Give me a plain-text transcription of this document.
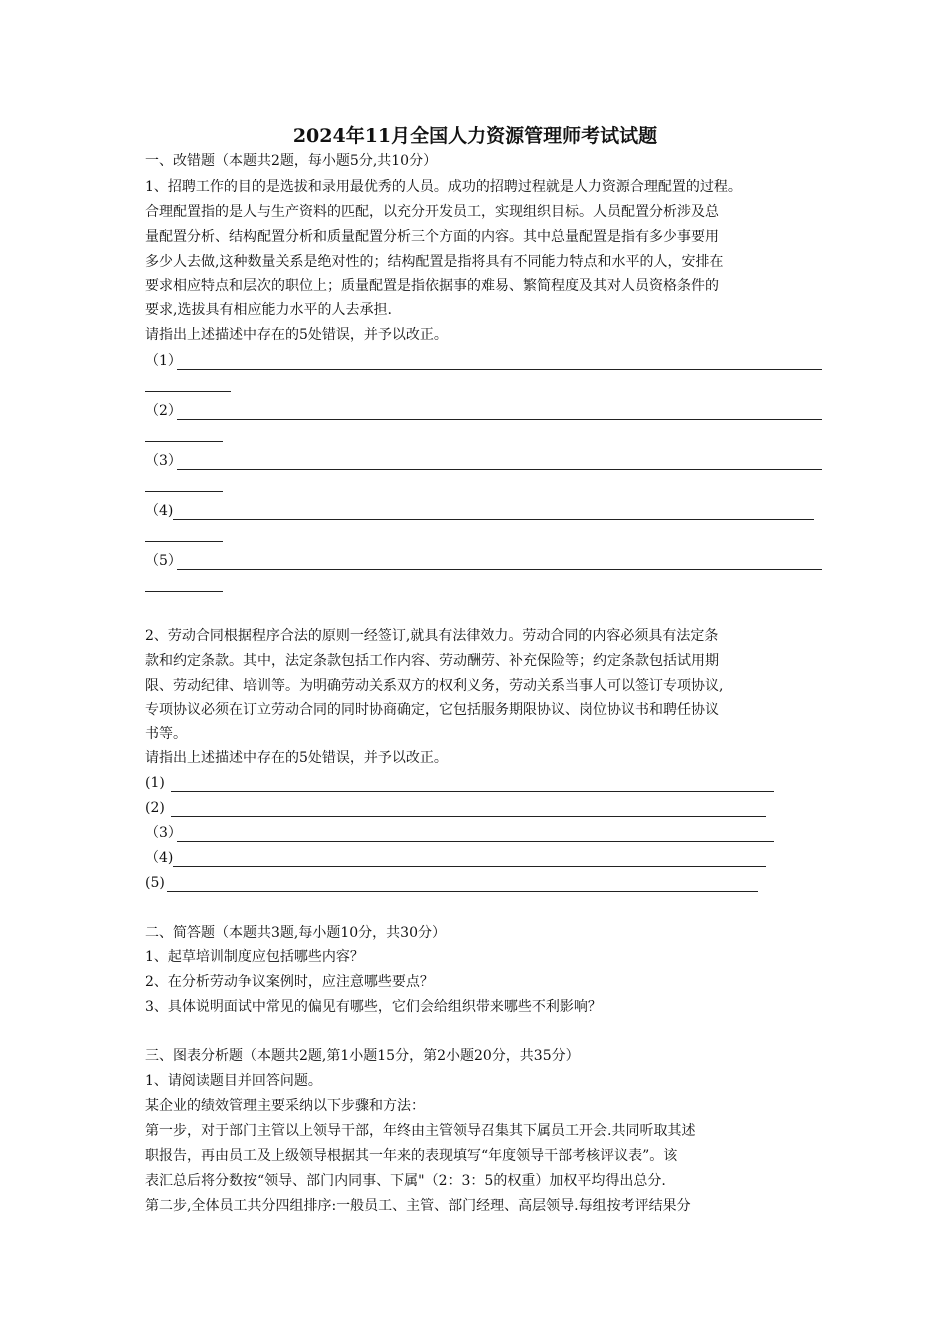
2024年11月全国人力资源管理师考试试题
一、改错题（本题共2题，每小题5分,共10分）
1、招聘工作的目的是选拔和录用最优秀的人员。成功的招聘过程就是人力资源合理配置的过程。
合理配置指的是人与生产资料的匹配，以充分开发员工，实现组织目标。人员配置分析涉及总
量配置分析、结构配置分析和质量配置分析三个方面的内容。其中总量配置是指有多少事要用
多少人去做,这种数量关系是绝对性的；结构配置是指将具有不同能力特点和水平的人，安排在
要求相应特点和层次的职位上；质量配置是指依据事的难易、繁简程度及其对人员资格条件的
要求,选拔具有相应能力水平的人去承担.
请指出上述描述中存在的5处错误，并予以改正。
（1）
（2）
（3）
（4)
（5）
2、劳动合同根据程序合法的原则一经签订,就具有法律效力。劳动合同的内容必须具有法定条
款和约定条款。其中，法定条款包括工作内容、劳动酬劳、补充保险等；约定条款包括试用期
限、劳动纪律、培训等。为明确劳动关系双方的权利义务，劳动关系当事人可以签订专项协议,
专项协议必须在订立劳动合同的同时协商确定，它包括服务期限协议、岗位协议书和聘任协议
书等。
请指出上述描述中存在的5处错误，并予以改正。
(1)
(2)
（3）
（4)
(5)
二、简答题（本题共3题,每小题10分，共30分）
1、起草培训制度应包括哪些内容？
2、在分析劳动争议案例时，应注意哪些要点？
3、具体说明面试中常见的偏见有哪些，它们会给组织带来哪些不利影响？
三、图表分析题（本题共2题,第1小题15分，第2小题20分，共35分）
1、请阅读题目并回答问题。
某企业的绩效管理主要采纳以下步骤和方法：
第一步，对于部门主管以上领导干部，年终由主管领导召集其下属员工开会.共同听取其述
职报告，再由员工及上级领导根据其一年来的表现填写“年度领导干部考核评议表”。该
表汇总后将分数按“领导、部门内同事、下属"（2：3：5的权重）加权平均得出总分.
第二步,全体员工共分四组排序:一般员工、主管、部门经理、高层领导.每组按考评结果分
